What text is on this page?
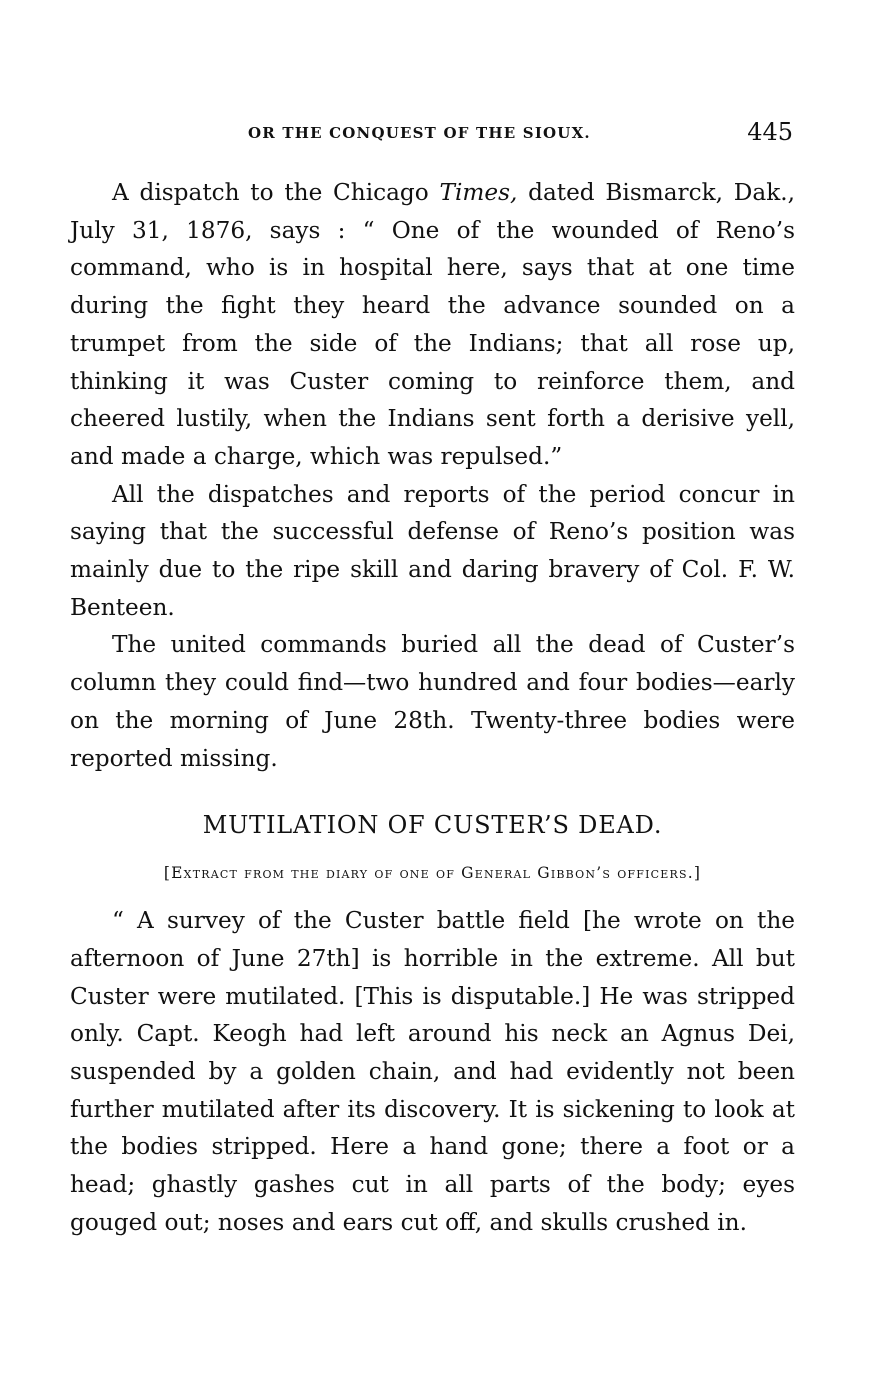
OR THE CONQUEST OF THE SIOUX.	445

A dispatch to the Chicago Times, dated Bismarck, Dak., July 31, 1876, says : “ One of the wounded of Reno’s command, who is in hospital here, says that at one time during the fight they heard the advance sounded on a trumpet from the side of the Indians; that all rose up, thinking it was Custer coming to reinforce them, and cheered lustily, when the Indians sent forth a derisive yell, and made a charge, which was repulsed.”

All the dispatches and reports of the period concur in saying that the successful defense of Reno’s position was mainly due to the ripe skill and daring bravery of Col. F. W. Benteen.

The united commands buried all the dead of Custer’s column they could find—two hundred and four bodies—early on the morning of June 28th. Twenty-three bodies were reported missing.

MUTILATION OF CUSTER’S DEAD.
[Extract from the diary of one of General Gibbon’s officers.]

“ A survey of the Custer battle field [he wrote on the afternoon of June 27th] is horrible in the extreme. All but Custer were mutilated. [This is disputable.] He was stripped only. Capt. Keogh had left around his neck an Agnus Dei, suspended by a golden chain, and had evidently not been further mutilated after its discovery. It is sickening to look at the bodies stripped. Here a hand gone; there a foot or a head; ghastly gashes cut in all parts of the body; eyes gouged out; noses and ears cut off, and skulls crushed in.
